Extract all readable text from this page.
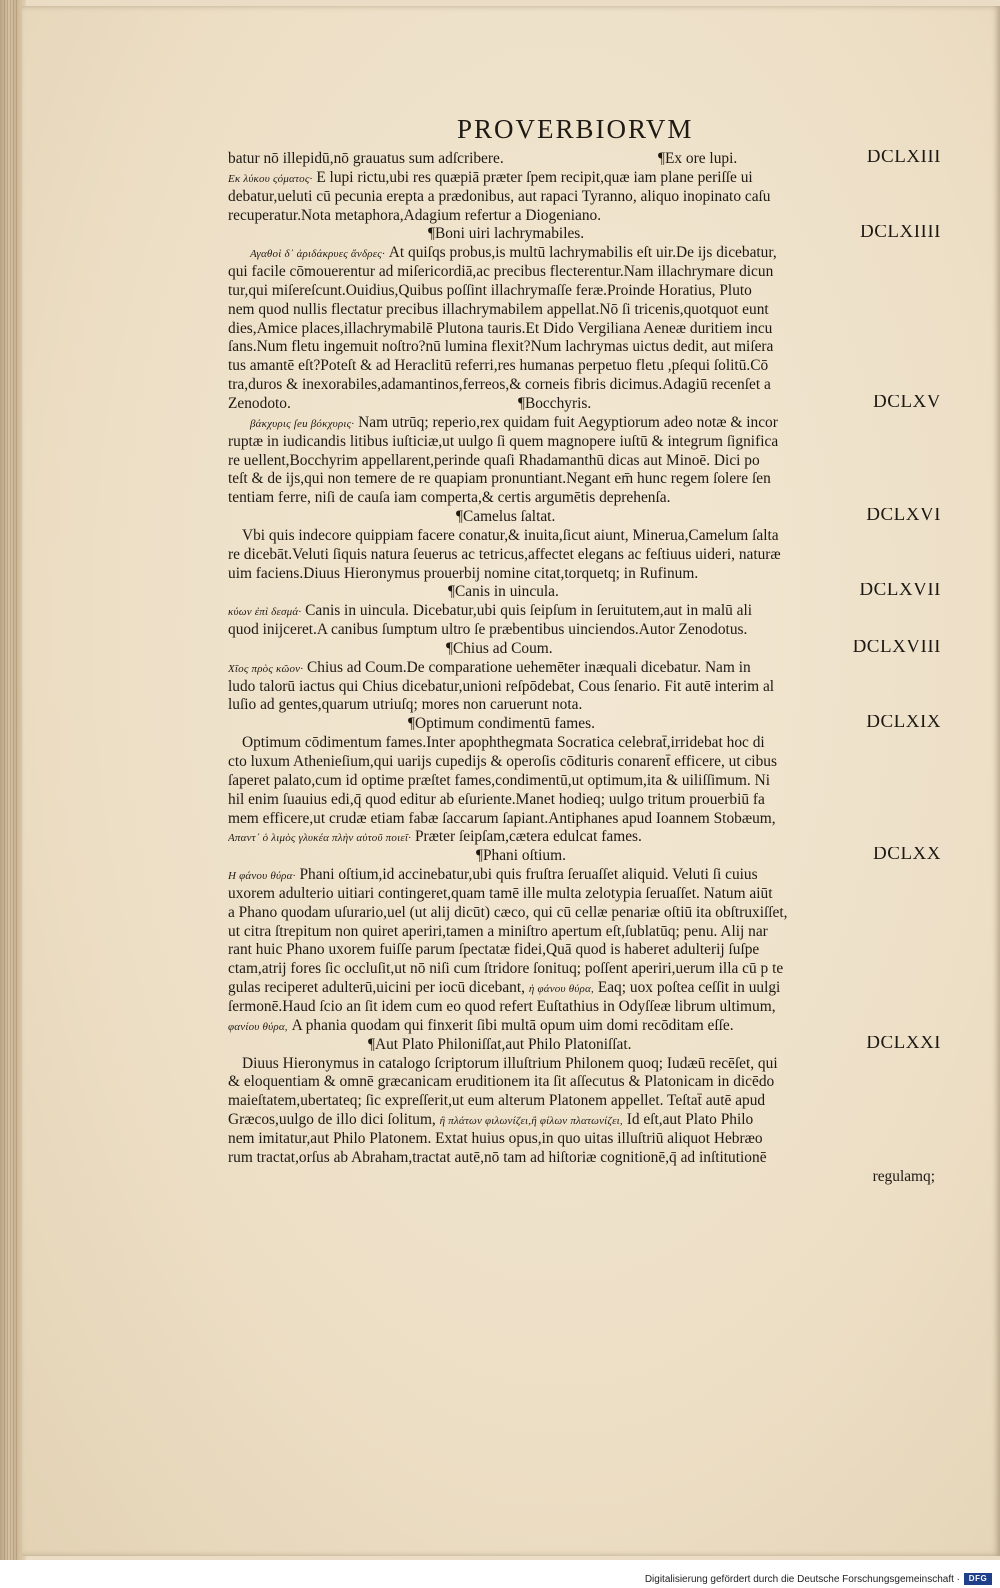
PROVERBIORVM
batur nō illepidū,nō grauatus sum adſcribere.	¶Ex ore lupi.	DCLXIII
Εκ λύκου ςόματος· E lupi rictu,ubi res quæpiā præter ſpem recipit,quæ iam plane periſſe ui
debatur,ueluti cū pecunia erepta a prædonibus, aut rapaci Tyranno, aliquo inopinato caſu
recuperatur.Nota metaphora,Adagium refertur a Diogeniano.
¶Boni uiri lachrymabiles.	DCLXIIII
Αγαθοὶ δ᾽ ἀριδάκρυες ἄνδρες· At quiſqs probus,is multū lachrymabilis eſt uir.De ijs dicebatur,
qui facile cōmouerentur ad miſericordiā,ac precibus flecterentur.Nam illachrymare dicun
tur,qui miſereſcunt.Ouidius,Quibus poſſint illachrymaſſe feræ.Proinde Horatius, Pluto
nem quod nullis flectatur precibus illachrymabilem appellat.Nō ſi tricenis,quotquot eunt
dies,Amice places,illachrymabilē Plutona tauris.Et Dido Vergiliana Aeneæ duritiem incu
ſans.Num fletu ingemuit noſtro?nū lumina flexit?Num lachrymas uictus dedit, aut miſera
tus amantē eſt?Poteſt & ad Heraclitū referri,res humanas perpetuo fletu ,pſequi ſolitū.Cō
tra,duros & inexorabiles,adamantinos,ferreos,& corneis fibris dicimus.Adagiū recenſet a
Zenodoto.	¶Bocchyris.	DCLXV
βάκχυρις ſeu βόκχυρις· Nam utrūq; reperio,rex quidam fuit Aegyptiorum adeo notæ & incor
ruptæ in iudicandis litibus iuſticiæ,ut uulgo ſi quem magnopere iuſtū & integrum ſignifica
re uellent,Bocchyrim appellarent,perinde quaſi Rhadamanthū dicas aut Minoē. Dici po
teſt & de ijs,qui non temere de re quapiam pronuntiant.Negant em̄ hunc regem ſolere ſen
tentiam ferre, niſi de cauſa iam comperta,& certis argumētis deprehenſa.
¶Camelus ſaltat.	DCLXVI
Vbi quis indecore quippiam facere conatur,& inuita,ſicut aiunt, Minerua,Camelum ſalta
re dicebāt.Veluti ſiquis natura ſeuerus ac tetricus,affectet elegans ac feſtiuus uideri, naturæ
uim faciens.Diuus Hieronymus prouerbij nomine citat,torquetq; in Rufinum.
¶Canis in uincula.	DCLXVII
κύων ἐπὶ δεσμά· Canis in uincula. Dicebatur,ubi quis ſeipſum in ſeruitutem,aut in malū ali
quod inijceret.A canibus ſumptum ultro ſe præbentibus uinciendos.Autor Zenodotus.
¶Chius ad Coum.	DCLXVIII
Χῖος πρὸς κῶον· Chius ad Coum.De comparatione uehemēter inæquali dicebatur. Nam in
ludo talorū iactus qui Chius dicebatur,unioni reſpōdebat, Cous ſenario. Fit autē interim al
luſio ad gentes,quarum utriuſq; mores non caruerunt nota.
¶Optimum condimentū fames.	DCLXIX
Optimum cōdimentum fames.Inter apophthegmata Socratica celebrat̄,irridebat hoc di
cto luxum Athenieſium,qui uarijs cupedijs & operoſis cōdituris conarent̄ efficere, ut cibus
ſaperet palato,cum id optime præſtet fames,condimentū,ut optimum,ita & uiliſſimum. Ni
hil enim ſuauius edi,q̄ quod editur ab eſuriente.Manet hodieq; uulgo tritum prouerbiū fa
mem efficere,ut crudæ etiam fabæ ſaccarum ſapiant.Antiphanes apud Ioannem Stobæum,
Απαντ᾽ ὁ λιμὸς γλυκέα πλὴν αὐτοῦ ποιεῖ· Præter ſeipſam,cætera edulcat fames.
¶Phani oſtium.	DCLXX
Η φάνου θύρα· Phani oſtium,id accinebatur,ubi quis fruſtra ſeruaſſet aliquid. Veluti ſi cuius
uxorem adulterio uitiari contingeret,quam tamē ille multa zelotypia ſeruaſſet. Natum aiūt
a Phano quodam uſurario,uel (ut alij dicūt) cæco, qui cū cellæ penariæ oſtiū ita obſtruxiſſet,
ut citra ſtrepitum non quiret aperiri,tamen a miniſtro apertum eſt,ſublatūq; penu. Alij nar
rant huic Phano uxorem fuiſſe parum ſpectatæ fidei,Quā quod is haberet adulterij ſuſpe
ctam,atrij fores ſic occluſit,ut nō niſi cum ſtridore ſonituq; poſſent aperiri,uerum illa cū p te
gulas reciperet adulterū,uicini per iocū dicebant, ἡ φάνου θύρα, Eaq; uox poſtea ceſſit in uulgi
ſermonē.Haud ſcio an ſit idem cum eo quod refert Euſtathius in Odyſſeæ librum ultimum,
φανίου θύρα, A phania quodam qui finxerit ſibi multā opum uim domi recōditam eſſe.
¶Aut Plato Philoniſſat,aut Philo Platoniſſat.	DCLXXI
Diuus Hieronymus in catalogo ſcriptorum illuſtrium Philonem quoq; Iudæū recēſet, qui
& eloquentiam & omnē græcanicam eruditionem ita ſit aſſecutus & Platonicam in dicēdo
maieſtatem,ubertateq; ſic expreſſerit,ut eum alterum Platonem appellet. Teſtat̄ autē apud
Græcos,uulgo de illo dici ſolitum, ἢ πλάτων φιλωνίζει,ἢ φίλων πλατωνίζει, Id eſt,aut Plato Philo
nem imitatur,aut Philo Platonem. Extat huius opus,in quo uitas illuſtriū aliquot Hebræo
rum tractat,orſus ab Abraham,tractat autē,nō tam ad hiſtoriæ cognitionē,q̄ ad inſtitutionē
regulamq;
Digitalisierung gefördert durch die Deutsche Forschungsgemeinschaft ·	DFG
